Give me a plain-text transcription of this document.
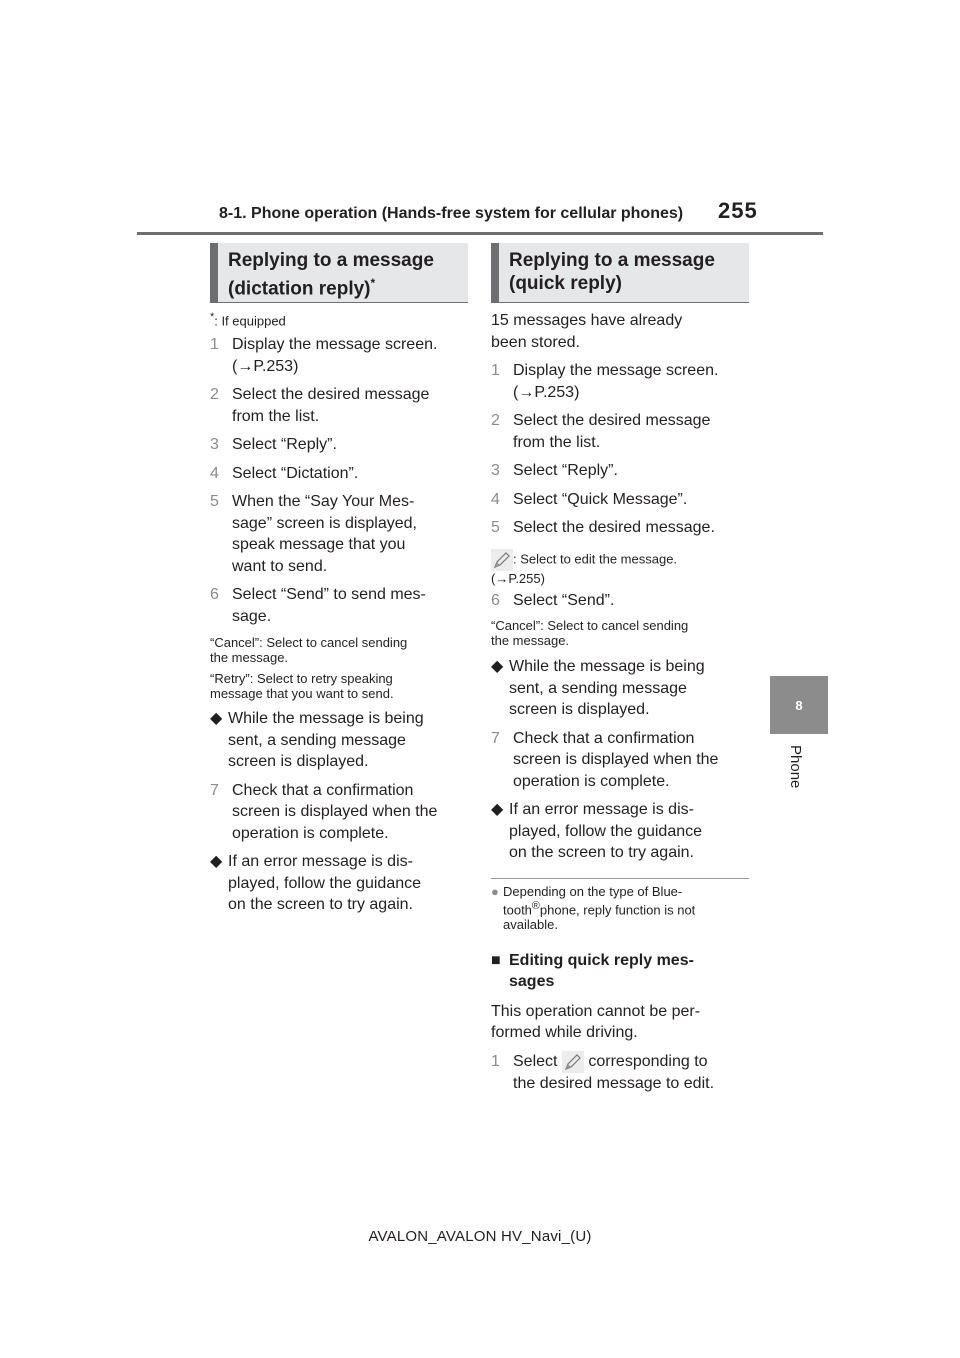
8-1. Phone operation (Hands-free system for cellular phones) 255
8
Phone
Replying to a message
(dictation reply)*
*: If equipped
1 Display the message screen.
(→P.253)
2 Select the desired message
from the list.
3 Select “Reply”.
4 Select “Dictation”.
5 When the “Say Your Mes-
sage” screen is displayed,
speak message that you
want to send.
6 Select “Send” to send mes-
sage.
“Cancel”: Select to cancel sending
the message.
“Retry”: Select to retry speaking
message that you want to send.
◆ While the message is being
sent, a sending message
screen is displayed.
7 Check that a confirmation
screen is displayed when the
operation is complete.
◆ If an error message is dis-
played, follow the guidance
on the screen to try again.
Replying to a message
(quick reply)
15 messages have already
been stored.
1 Display the message screen.
(→P.253)
2 Select the desired message
from the list.
3 Select “Reply”.
4 Select “Quick Message”.
5 Select the desired message.
: Select to edit the message.
(→P.255)
6 Select “Send”.
“Cancel”: Select to cancel sending
the message.
◆ While the message is being
sent, a sending message
screen is displayed.
7 Check that a confirmation
screen is displayed when the
operation is complete.
◆ If an error message is dis-
played, follow the guidance
on the screen to try again.
● Depending on the type of Blue-
tooth®phone, reply function is not
available.
■ Editing quick reply mes-
sages
This operation cannot be per-
formed while driving.
1 Select  corresponding to
the desired message to edit.
AVALON_AVALON HV_Navi_(U)
